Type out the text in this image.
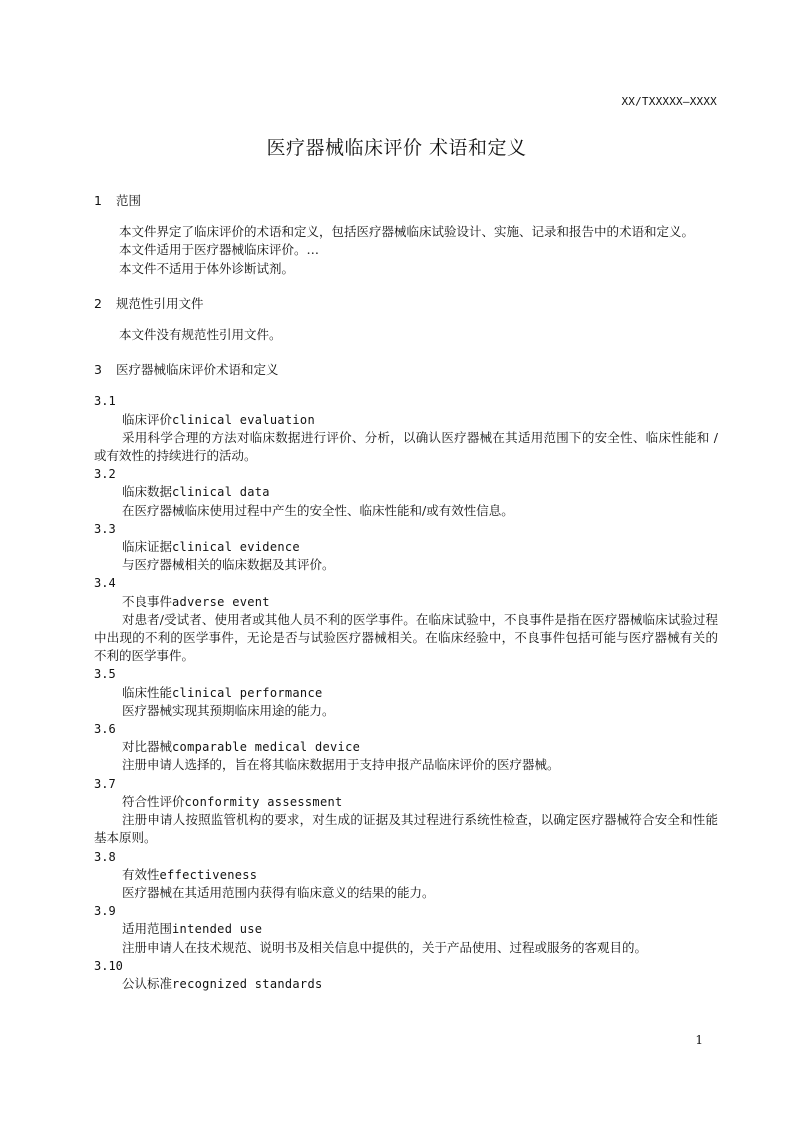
XX/TXXXXX—XXXX
医疗器械临床评价 术语和定义

1 范围

本文件界定了临床评价的术语和定义，包括医疗器械临床试验设计、实施、记录和报告中的术语和定义。

本文件适用于医疗器械临床评价。…

本文件不适用于体外诊断试剂。

2 规范性引用文件

本文件没有规范性引用文件。

3 医疗器械临床评价术语和定义

3.1

临床评价clinical evaluation

采用科学合理的方法对临床数据进行评价、分析，以确认医疗器械在其适用范围下的安全性、临床性能和 / 或有效性的持续进行的活动。

3.2

临床数据clinical data

在医疗器械临床使用过程中产生的安全性、临床性能和/或有效性信息。

3.3

临床证据clinical evidence

与医疗器械相关的临床数据及其评价。

3.4

不良事件adverse event

对患者/受试者、使用者或其他人员不利的医学事件。在临床试验中，不良事件是指在医疗器械临床试验过程中出现的不利的医学事件，无论是否与试验医疗器械相关。在临床经验中，不良事件包括可能与医疗器械有关的不利的医学事件。

3.5

临床性能clinical performance

医疗器械实现其预期临床用途的能力。

3.6

对比器械comparable medical device

注册申请人选择的，旨在将其临床数据用于支持申报产品临床评价的医疗器械。

3.7

符合性评价conformity assessment

注册申请人按照监管机构的要求，对生成的证据及其过程进行系统性检查，以确定医疗器械符合安全和性能基本原则。

3.8

有效性effectiveness

医疗器械在其适用范围内获得有临床意义的结果的能力。

3.9

适用范围intended use

注册申请人在技术规范、说明书及相关信息中提供的，关于产品使用、过程或服务的客观目的。

3.10

公认标准recognized standards

1
